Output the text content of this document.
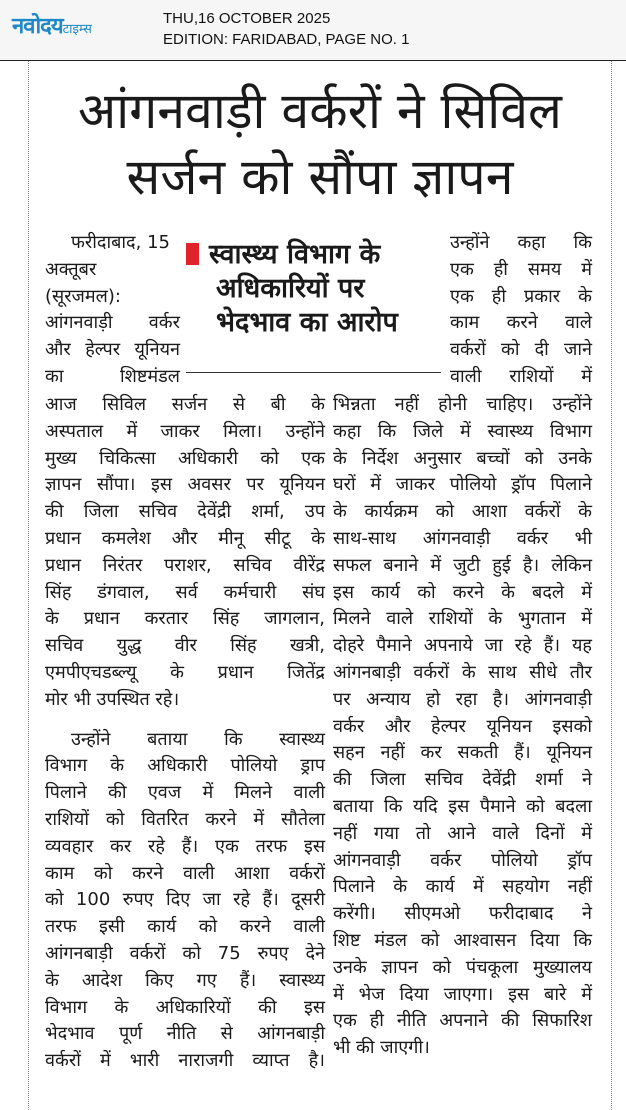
नवोदयटाइम्स
THU,16 OCTOBER 2025
EDITION: FARIDABAD, PAGE NO. 1
आंगनवाड़ी वर्करों ने सिविल
सर्जन को सौंपा ज्ञापन
फरीदाबाद, 15
अक्तूबर
(सूरजमल):
आंगनवाड़ी वर्कर
और हेल्पर यूनियन
का शिष्टमंडल
स्वास्थ्य विभाग के
अधिकारियों पर
भेदभाव का आरोप
उन्होंने कहा कि
एक ही समय में
एक ही प्रकार के
काम करने वाले
वर्करों को दी जाने
वाली राशियों में
आज सिविल सर्जन से बी के
अस्पताल में जाकर मिला। उन्होंने
मुख्य चिकित्सा अधिकारी को एक
ज्ञापन सौंपा। इस अवसर पर यूनियन
की जिला सचिव देवेंद्री शर्मा, उप
प्रधान कमलेश और मीनू सीटू के
प्रधान निरंतर पराशर, सचिव वीरेंद्र
सिंह डंगवाल, सर्व कर्मचारी संघ
के प्रधान करतार सिंह जागलान,
सचिव युद्ध वीर सिंह खत्री,
एमपीएचडब्ल्यू के प्रधान जितेंद्र
मोर भी उपस्थित रहे।
उन्होंने बताया कि स्वास्थ्य
विभाग के अधिकारी पोलियो ड्राप
पिलाने की एवज में मिलने वाली
राशियों को वितरित करने में सौतेला
व्यवहार कर रहे हैं। एक तरफ इस
काम को करने वाली आशा वर्करों
को 100 रुपए दिए जा रहे हैं। दूसरी
तरफ इसी कार्य को करने वाली
आंगनबाड़ी वर्करों को 75 रुपए देने
के आदेश किए गए हैं। स्वास्थ्य
विभाग के अधिकारियों की इस
भेदभाव पूर्ण नीति से आंगनबाड़ी
वर्करों में भारी नाराजगी व्याप्त है।
भिन्नता नहीं होनी चाहिए। उन्होंने
कहा कि जिले में स्वास्थ्य विभाग
के निर्देश अनुसार बच्चों को उनके
घरों में जाकर पोलियो ड्रॉप पिलाने
के कार्यक्रम को आशा वर्करों के
साथ-साथ आंगनवाड़ी वर्कर भी
सफल बनाने में जुटी हुई है। लेकिन
इस कार्य को करने के बदले में
मिलने वाले राशियों के भुगतान में
दोहरे पैमाने अपनाये जा रहे हैं। यह
आंगनबाड़ी वर्करों के साथ सीधे तौर
पर अन्याय हो रहा है। आंगनवाड़ी
वर्कर और हेल्पर यूनियन इसको
सहन नहीं कर सकती हैं। यूनियन
की जिला सचिव देवेंद्री शर्मा ने
बताया कि यदि इस पैमाने को बदला
नहीं गया तो आने वाले दिनों में
आंगनवाड़ी वर्कर पोलियो ड्रॉप
पिलाने के कार्य में सहयोग नहीं
करेंगी। सीएमओ फरीदाबाद ने
शिष्ट मंडल को आश्वासन दिया कि
उनके ज्ञापन को पंचकूला मुख्यालय
में भेज दिया जाएगा। इस बारे में
एक ही नीति अपनाने की सिफारिश
भी की जाएगी।
